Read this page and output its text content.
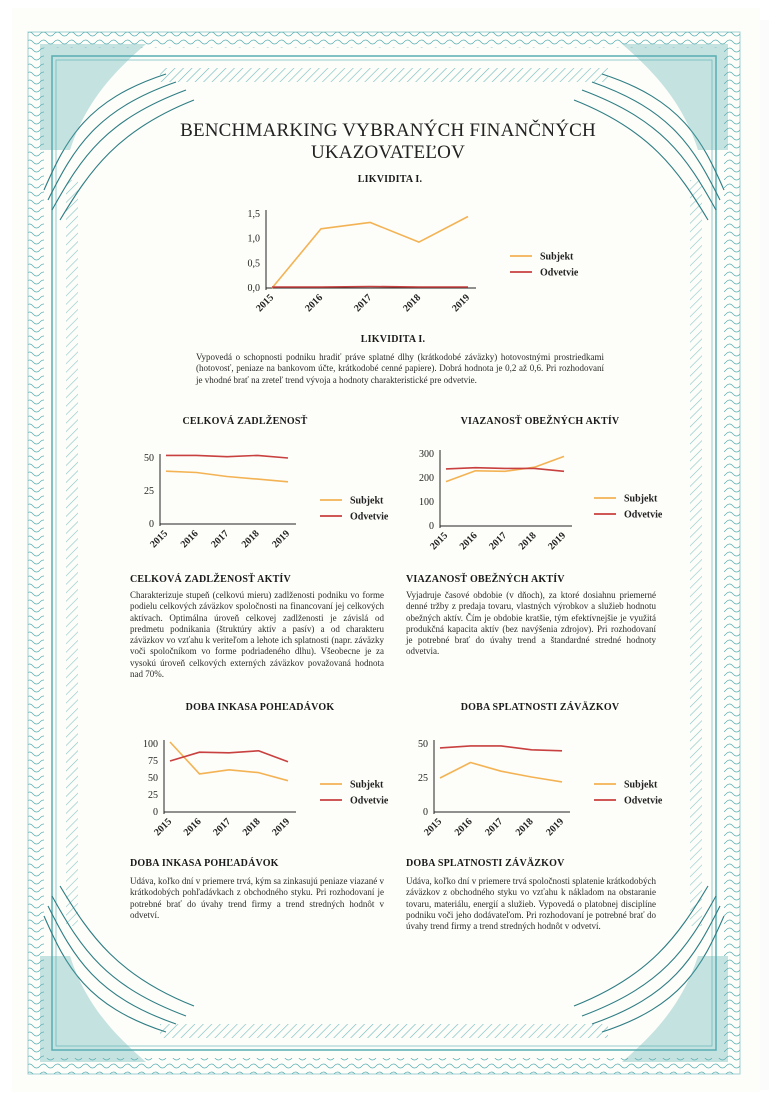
BENCHMARKING VYBRANÝCH FINANČNÝCH UKAZOVATEĽOV
LIKVIDITA I.
0,0
0,5
1,0
1,5
2015	2016	2017	2018	2019
Subjekt
Odvetvie
LIKVIDITA I.
Vypovedá o schopnosti podniku hradiť práve splatné dlhy (krátkodobé záväzky) hotovostnými prostriedkami (hotovosť, peniaze na bankovom účte, krátkodobé cenné papiere). Dobrá hodnota je 0,2 až 0,6. Pri rozhodovaní je vhodné brať na zreteľ trend vývoja a hodnoty charakteristické pre odvetvie.
CELKOVÁ ZADLŽENOSŤ
0
25
50
2015 2016 2017 2018 2019
Subjekt
Odvetvie
VIAZANOSŤ OBEŽNÝCH AKTÍV
0
100
200
300
2015 2016 2017 2018 2019
Subjekt
Odvetvie
CELKOVÁ ZADLŽENOSŤ AKTÍV
Charakterizuje stupeň (celkovú mieru) zadlženosti podniku vo forme podielu celkových záväzkov spoločnosti na financovaní jej celkových aktívach. Optimálna úroveň celkovej zadlženosti je závislá od predmetu podnikania (štruktúry aktív a pasív) a od charakteru záväzkov vo vzťahu k veriteľom a lehote ich splatnosti (napr. záväzky voči spoločníkom vo forme podriadeného dlhu). Všeobecne je za vysokú úroveň celkových externých záväzkov považovaná hodnota nad 70%.
VIAZANOSŤ OBEŽNÝCH AKTÍV
Vyjadruje časové obdobie (v dňoch), za ktoré dosiahnu priemerné denné tržby z predaja tovaru, vlastných výrobkov a služieb hodnotu obežných aktív. Čím je obdobie kratšie, tým efektívnejšie je využitá produkčná kapacita aktív (bez navýšenia zdrojov). Pri rozhodovaní je potrebné brať do úvahy trend a štandardné stredné hodnoty odvetvia.
DOBA INKASA POHĽADÁVOK
0
25
50
75
100
2015 2016 2017 2018 2019
Subjekt
Odvetvie
DOBA SPLATNOSTI ZÁVÄZKOV
0
25
50
2015 2016 2017 2018 2019
Subjekt
Odvetvie
DOBA INKASA POHĽADÁVOK
Udáva, koľko dní v priemere trvá, kým sa zinkasujú peniaze viazané v krátkodobých pohľadávkach z obchodného styku. Pri rozhodovaní je potrebné brať do úvahy trend firmy a trend stredných hodnôt v odvetví.
DOBA SPLATNOSTI ZÁVÄZKOV
Udáva, koľko dní v priemere trvá spoločnosti splatenie krátkodobých záväzkov z obchodného styku vo vzťahu k nákladom na obstaranie tovaru, materiálu, energií a služieb. Vypovedá o platobnej disciplíne podniku voči jeho dodávateľom. Pri rozhodovaní je potrebné brať do úvahy trend firmy a trend stredných hodnôt v odvetví.
